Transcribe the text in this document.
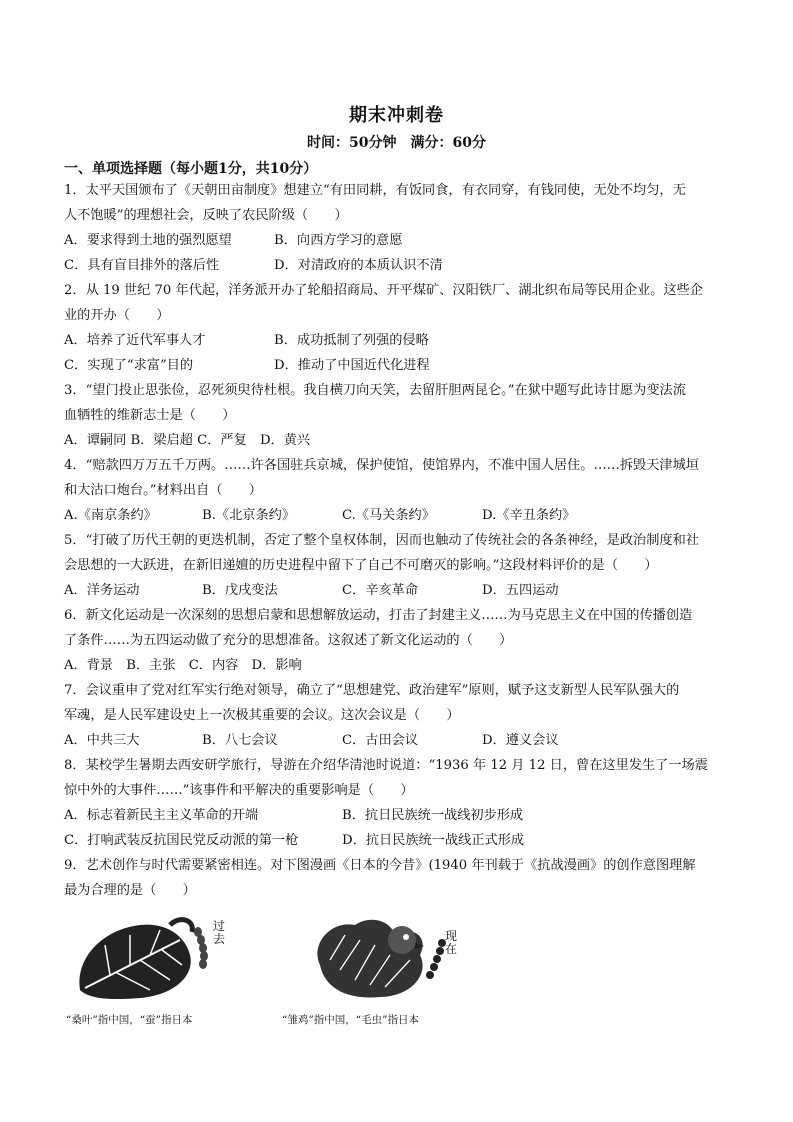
期末冲刺卷
时间：50分钟　满分：60分
一、单项选择题（每小题1分，共10分）
1．太平天国颁布了《天朝田亩制度》想建立“有田同耕，有饭同食，有衣同穿，有钱同使，无处不均匀，无
人不饱暖”的理想社会，反映了农民阶级（　　）
A．要求得到土地的强烈愿望	B．向西方学习的意愿
C．具有盲目排外的落后性	D．对清政府的本质认识不清
2．从 19 世纪 70 年代起，洋务派开办了轮船招商局、开平煤矿、汉阳铁厂、湖北织布局等民用企业。这些企
业的开办（　　）
A．培养了近代军事人才	B．成功抵制了列强的侵略
C．实现了“求富”目的	D．推动了中国近代化进程
3．“望门投止思张俭，忍死须臾待杜根。我自横刀向天笑，去留肝胆两昆仑。”在狱中题写此诗甘愿为变法流
血牺牲的维新志士是（　　）
A．谭嗣同 B．梁启超 C．严复　D．黄兴
4．“赔款四万万五千万两。……许各国驻兵京城，保护使馆，使馆界内，不准中国人居住。……拆毁天津城垣
和大沽口炮台。”材料出自（　　）
A.《南京条约》	B.《北京条约》	C.《马关条约》	D.《辛丑条约》
5．“打破了历代王朝的更迭机制，否定了整个皇权体制，因而也触动了传统社会的各条神经，是政治制度和社
会思想的一大跃进，在新旧递嬗的历史进程中留下了自己不可磨灭的影响。”这段材料评价的是（　　）
A．洋务运动	B．戊戌变法	C．辛亥革命	D．五四运动
6．新文化运动是一次深刻的思想启蒙和思想解放运动，打击了封建主义……为马克思主义在中国的传播创造
了条件……为五四运动做了充分的思想准备。这叙述了新文化运动的（　　）
A．背景　B．主张　C．内容　D．影响
7．会议重申了党对红军实行绝对领导，确立了“思想建党、政治建军”原则，赋予这支新型人民军队强大的
军魂，是人民军建设史上一次极其重要的会议。这次会议是（　　）
A．中共三大	B．八七会议	C．古田会议	D．遵义会议
8．某校学生暑期去西安研学旅行，导游在介绍华清池时说道：“1936 年 12 月 12 日，曾在这里发生了一场震
惊中外的大事件……”该事件和平解决的重要影响是（　　）
A．标志着新民主主义革命的开端	B．抗日民族统一战线初步形成
C．打响武装反抗国民党反动派的第一枪	D．抗日民族统一战线正式形成
9．艺术创作与时代需要紧密相连。对下图漫画《日本的今昔》(1940 年刊载于《抗战漫画》的创作意图理解
最为合理的是（　　）
过去	现在
“桑叶”指中国，“蚕”指日本	“雏鸡”指中国，“毛虫”指日本
